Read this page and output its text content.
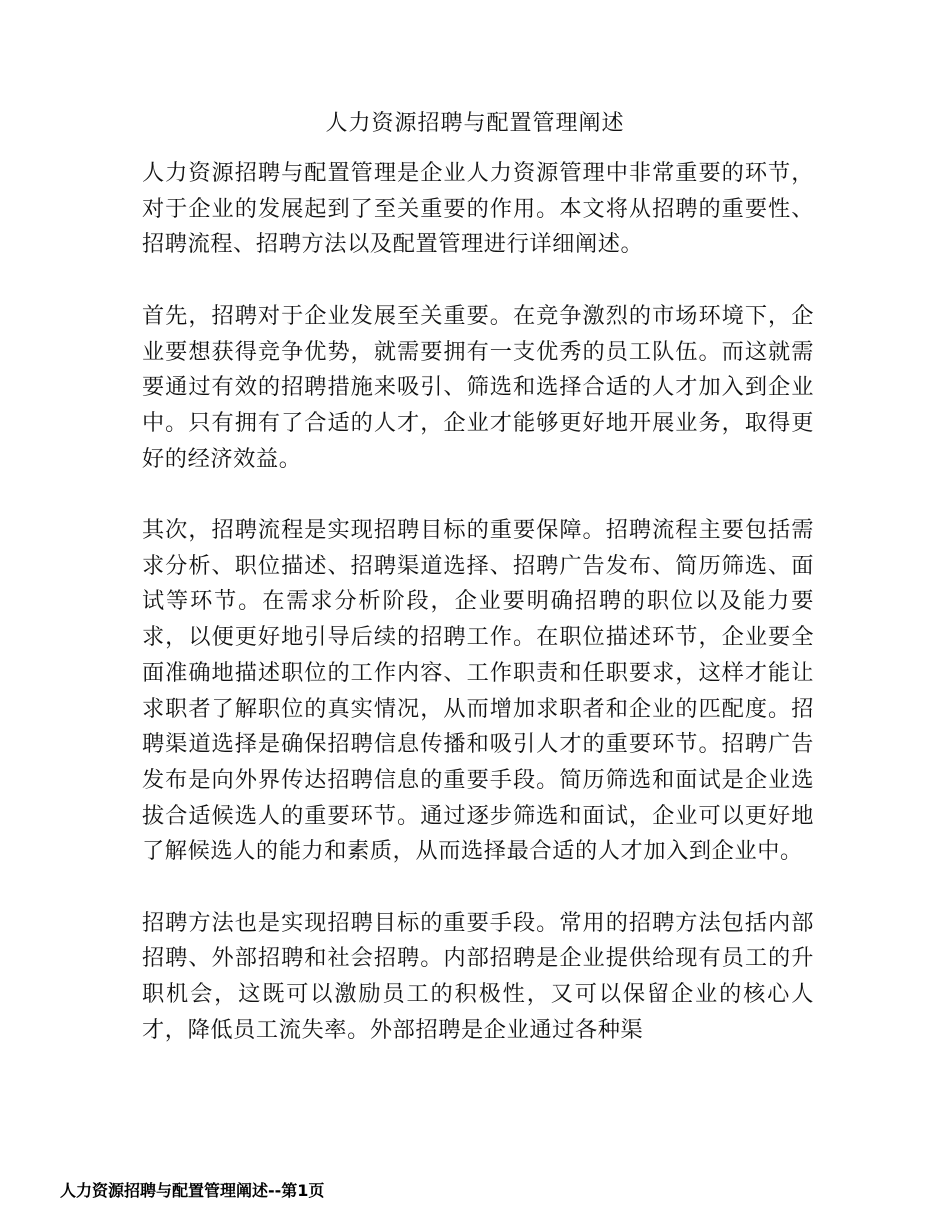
人力资源招聘与配置管理阐述

人力资源招聘与配置管理是企业人力资源管理中非常重要的环节，对于企业的发展起到了至关重要的作用。本文将从招聘的重要性、招聘流程、招聘方法以及配置管理进行详细阐述。

首先，招聘对于企业发展至关重要。在竞争激烈的市场环境下，企业要想获得竞争优势，就需要拥有一支优秀的员工队伍。而这就需要通过有效的招聘措施来吸引、筛选和选择合适的人才加入到企业中。只有拥有了合适的人才，企业才能够更好地开展业务，取得更好的经济效益。

其次，招聘流程是实现招聘目标的重要保障。招聘流程主要包括需求分析、职位描述、招聘渠道选择、招聘广告发布、简历筛选、面试等环节。在需求分析阶段，企业要明确招聘的职位以及能力要求，以便更好地引导后续的招聘工作。在职位描述环节，企业要全面准确地描述职位的工作内容、工作职责和任职要求，这样才能让求职者了解职位的真实情况，从而增加求职者和企业的匹配度。招聘渠道选择是确保招聘信息传播和吸引人才的重要环节。招聘广告发布是向外界传达招聘信息的重要手段。简历筛选和面试是企业选拔合适候选人的重要环节。通过逐步筛选和面试，企业可以更好地了解候选人的能力和素质，从而选择最合适的人才加入到企业中。

招聘方法也是实现招聘目标的重要手段。常用的招聘方法包括内部招聘、外部招聘和社会招聘。内部招聘是企业提供给现有员工的升职机会，这既可以激励员工的积极性，又可以保留企业的核心人才，降低员工流失率。外部招聘是企业通过各种渠

人力资源招聘与配置管理阐述--第1页
